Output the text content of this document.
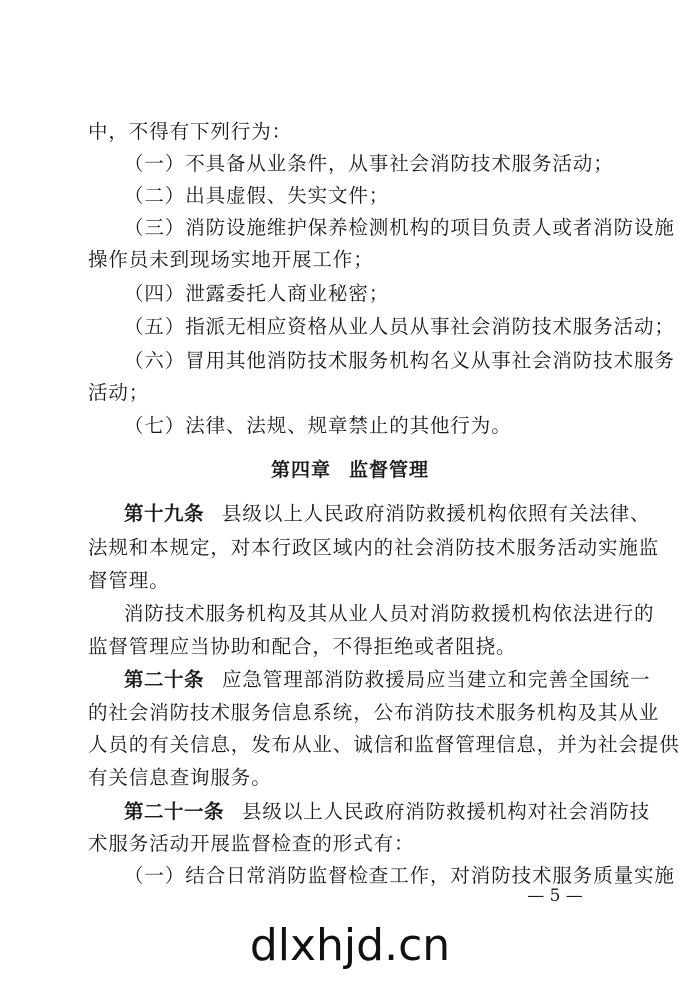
中，不得有下列行为：
（一）不具备从业条件，从事社会消防技术服务活动；
（二）出具虚假、失实文件；
（三）消防设施维护保养检测机构的项目负责人或者消防设施
操作员未到现场实地开展工作；
（四）泄露委托人商业秘密；
（五）指派无相应资格从业人员从事社会消防技术服务活动；
（六）冒用其他消防技术服务机构名义从事社会消防技术服务
活动；
（七）法律、法规、规章禁止的其他行为。
第四章 监督管理
第十九条 县级以上人民政府消防救援机构依照有关法律、
法规和本规定，对本行政区域内的社会消防技术服务活动实施监
督管理。
消防技术服务机构及其从业人员对消防救援机构依法进行的
监督管理应当协助和配合，不得拒绝或者阻挠。
第二十条 应急管理部消防救援局应当建立和完善全国统一
的社会消防技术服务信息系统，公布消防技术服务机构及其从业
人员的有关信息，发布从业、诚信和监督管理信息，并为社会提供
有关信息查询服务。
第二十一条 县级以上人民政府消防救援机构对社会消防技
术服务活动开展监督检查的形式有：
（一）结合日常消防监督检查工作，对消防技术服务质量实施
— 5 —
dlxhjd.cn
